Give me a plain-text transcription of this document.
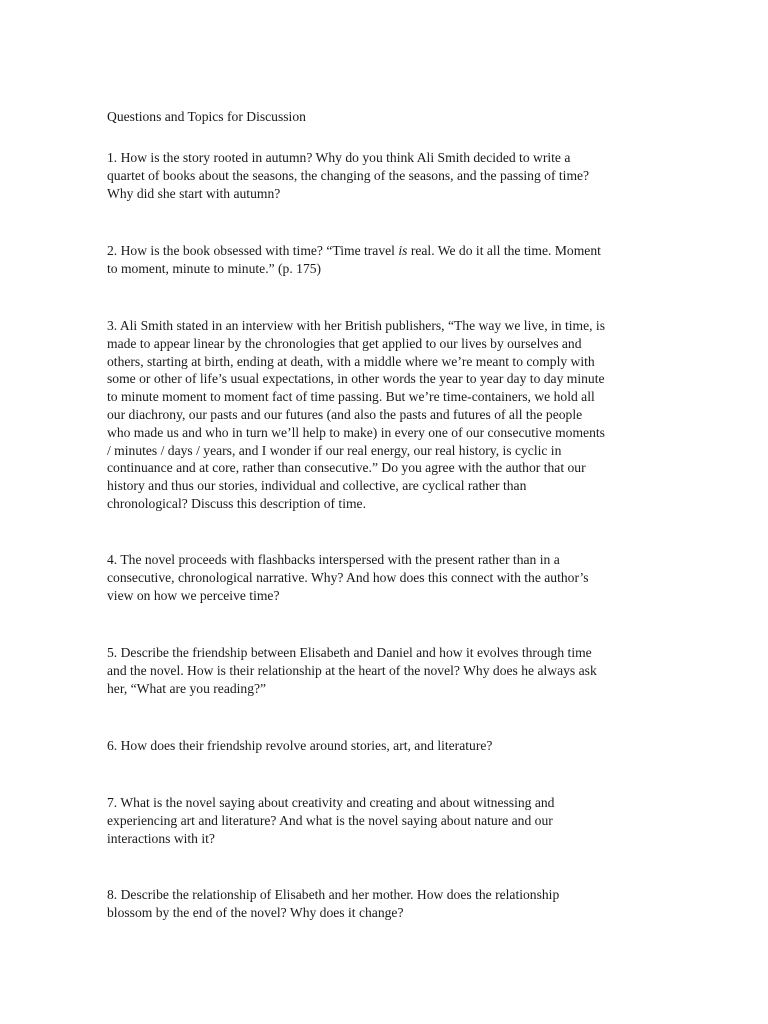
Questions and Topics for Discussion
1. How is the story rooted in autumn? Why do you think Ali Smith decided to write a
quartet of books about the seasons, the changing of the seasons, and the passing of time?
Why did she start with autumn?
2. How is the book obsessed with time? “Time travel is real. We do it all the time. Moment
to moment, minute to minute.” (p. 175)
3. Ali Smith stated in an interview with her British publishers, “The way we live, in time, is
made to appear linear by the chronologies that get applied to our lives by ourselves and
others, starting at birth, ending at death, with a middle where we’re meant to comply with
some or other of life’s usual expectations, in other words the year to year day to day minute
to minute moment to moment fact of time passing. But we’re time-containers, we hold all
our diachrony, our pasts and our futures (and also the pasts and futures of all the people
who made us and who in turn we’ll help to make) in every one of our consecutive moments
/ minutes / days / years, and I wonder if our real energy, our real history, is cyclic in
continuance and at core, rather than consecutive.” Do you agree with the author that our
history and thus our stories, individual and collective, are cyclical rather than
chronological? Discuss this description of time.
4. The novel proceeds with flashbacks interspersed with the present rather than in a
consecutive, chronological narrative. Why? And how does this connect with the author’s
view on how we perceive time?
5. Describe the friendship between Elisabeth and Daniel and how it evolves through time
and the novel. How is their relationship at the heart of the novel? Why does he always ask
her, “What are you reading?”
6. How does their friendship revolve around stories, art, and literature?
7. What is the novel saying about creativity and creating and about witnessing and
experiencing art and literature? And what is the novel saying about nature and our
interactions with it?
8. Describe the relationship of Elisabeth and her mother. How does the relationship
blossom by the end of the novel? Why does it change?
